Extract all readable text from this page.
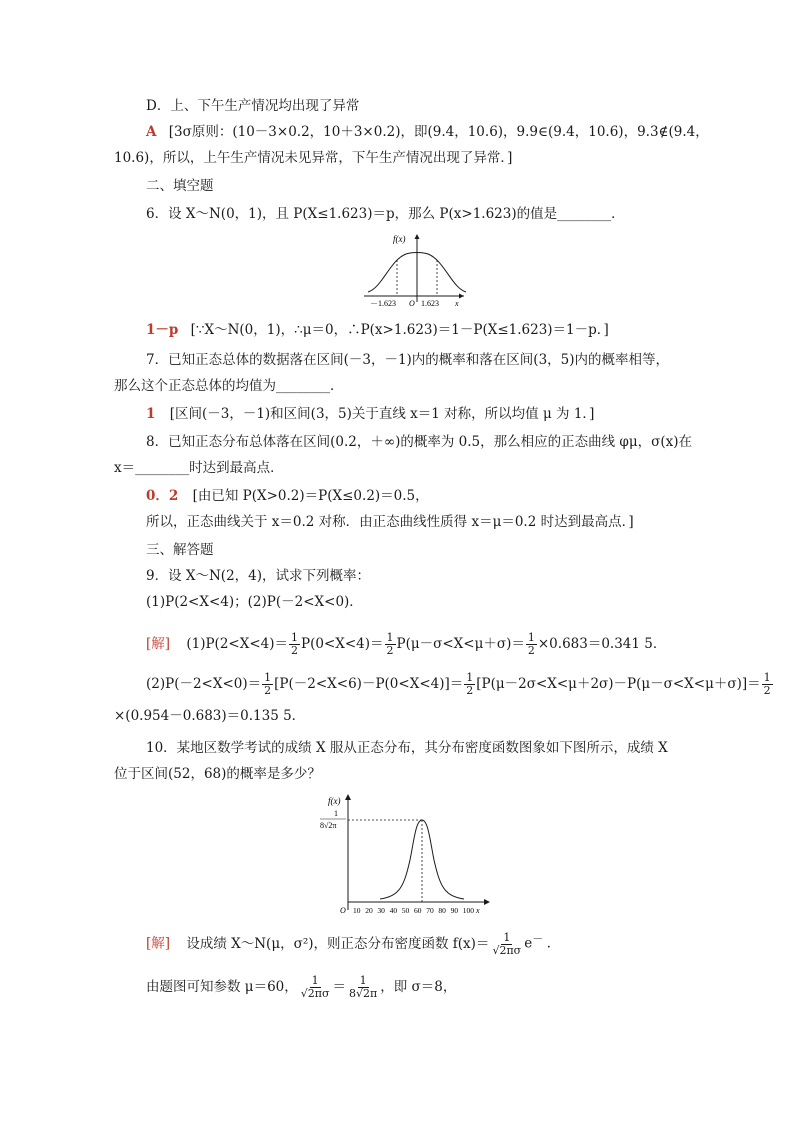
D．上、下午生产情况均出现了异常
A [3σ原则：(10－3×0.2，10＋3×0.2)，即(9.4，10.6)，9.9∈(9.4，10.6)，9.3∉(9.4，
10.6)，所以，上午生产情况未见异常，下午生产情况出现了异常．]
二、填空题
6．设 X～N(0，1)，且 P(X≤1.623)＝p，那么 P(x>1.623)的值是________．
f(x)
－1.623 O 1.623 x
1－p [∵X～N(0，1)，∴μ＝0，∴P(x>1.623)＝1－P(X≤1.623)＝1－p．]
7．已知正态总体的数据落在区间(－3，－1)内的概率和落在区间(3，5)内的概率相等，
那么这个正态总体的均值为________．
1 [区间(－3，－1)和区间(3，5)关于直线 x＝1 对称，所以均值 μ 为 1．]
8．已知正态分布总体落在区间(0.2，＋∞)的概率为 0.5，那么相应的正态曲线 φμ，σ(x)在
x＝________时达到最高点．
0．2 [由已知 P(X>0.2)＝P(X≤0.2)＝0.5，
所以，正态曲线关于 x＝0.2 对称．由正态曲线性质得 x＝μ＝0.2 时达到最高点．]
三、解答题
9．设 X～N(2，4)，试求下列概率：
(1)P(2<X<4)；(2)P(－2<X<0)．
[解] $(1)P(2<X<4)= \frac{1}{2} P(0<X<4)= \frac{1}{2} P(\mu-\sigma<X<\mu+\sigma)= \frac{1}{2} \times 0.683=0.341$ 5．
$(2)P(-2<X<0)= \frac{1}{2} [P(-2<X<6)-P(0<X<4)]= \frac{1}{2} [P(\mu-2\sigma<X<\mu+2\sigma)-P(\mu-\sigma<X<\mu+\sigma)]= \frac{1}{2}$
×(0.954－0.683)＝0.135 5．
10．某地区数学考试的成绩 X 服从正态分布，其分布密度函数图象如下图所示，成绩 X
位于区间(52，68)的概率是多少？
f(x)
1
8√2π
O 10 20 30 40 50 60 70 80 90 100 x
[解] 设成绩 X～N(μ，σ²)，则正态分布密度函数 $f(x)= \frac{1}{√2\pi\sigma} e^-$ ．
由题图可知参数 μ＝60， $\frac{1}{√2\pi\sigma} = \frac{1}{8√2\pi}$ ，即 σ＝8，
